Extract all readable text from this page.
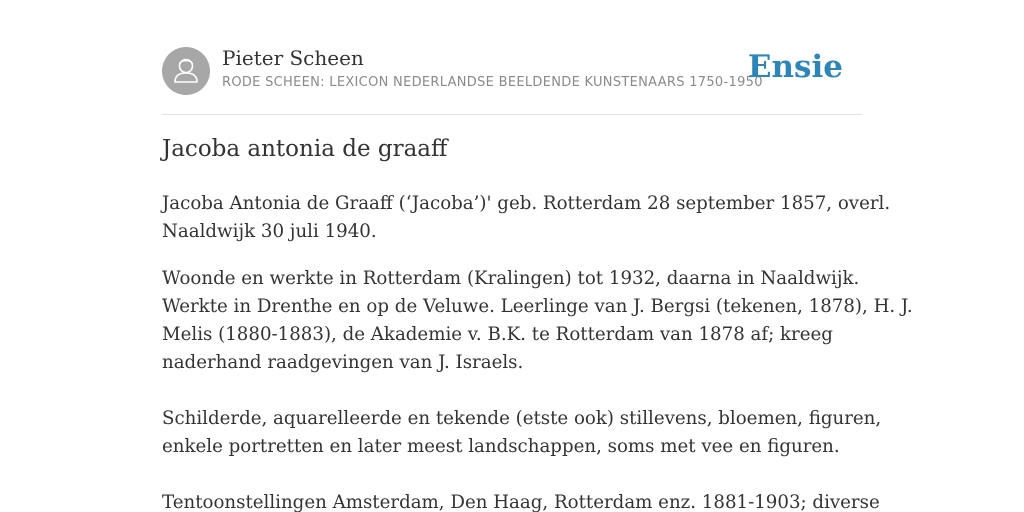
Pieter Scheen
RODE SCHEEN: LEXICON NEDERLANDSE BEELDENDE KUNSTENAARS 1750-1950
Ensie
Jacoba antonia de graaff

Jacoba Antonia de Graaff (‘Jacoba’)' geb. Rotterdam 28 september 1857, overl.
Naaldwijk 30 juli 1940.

Woonde en werkte in Rotterdam (Kralingen) tot 1932, daarna in Naaldwijk.
Werkte in Drenthe en op de Veluwe. Leerlinge van J. Bergsi (tekenen, 1878), H. J.
Melis (1880-1883), de Akademie v. B.K. te Rotterdam van 1878 af; kreeg
naderhand raadgevingen van J. Israels.
Schilderde, aquarelleerde en tekende (etste ook) stillevens, bloemen, figuren,
enkele portretten en later meest landschappen, soms met vee en figuren.
Tentoonstellingen Amsterdam, Den Haag, Rotterdam enz. 1881-1903; diverse
